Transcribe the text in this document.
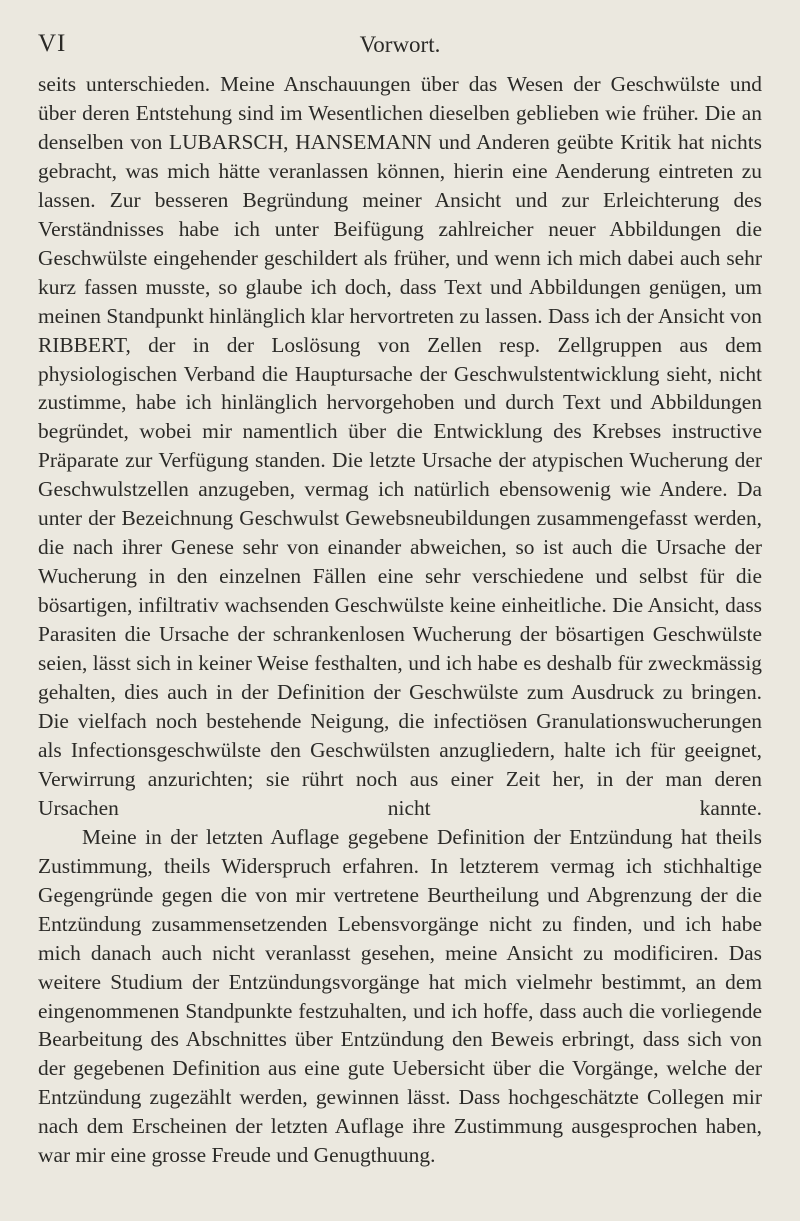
VI	Vorwort.

seits unterschieden. Meine Anschauungen über das Wesen der Geschwülste und über deren Entstehung sind im Wesentlichen dieselben geblieben wie früher. Die an denselben von LUBARSCH, HANSEMANN und Anderen geübte Kritik hat nichts gebracht, was mich hätte veranlassen können, hierin eine Aenderung eintreten zu lassen. Zur besseren Begründung meiner Ansicht und zur Erleichterung des Verständnisses habe ich unter Beifügung zahlreicher neuer Abbildungen die Geschwülste eingehender geschildert als früher, und wenn ich mich dabei auch sehr kurz fassen musste, so glaube ich doch, dass Text und Abbildungen genügen, um meinen Standpunkt hinlänglich klar hervortreten zu lassen. Dass ich der Ansicht von RIBBERT, der in der Loslösung von Zellen resp. Zellgruppen aus dem physiologischen Verband die Hauptursache der Geschwulstentwicklung sieht, nicht zustimme, habe ich hinlänglich hervorgehoben und durch Text und Abbildungen begründet, wobei mir namentlich über die Entwicklung des Krebses instructive Präparate zur Verfügung standen. Die letzte Ursache der atypischen Wucherung der Geschwulstzellen anzugeben, vermag ich natürlich ebensowenig wie Andere. Da unter der Bezeichnung Geschwulst Gewebsneubildungen zusammengefasst werden, die nach ihrer Genese sehr von einander abweichen, so ist auch die Ursache der Wucherung in den einzelnen Fällen eine sehr verschiedene und selbst für die bösartigen, infiltrativ wachsenden Geschwülste keine einheitliche. Die Ansicht, dass Parasiten die Ursache der schrankenlosen Wucherung der bösartigen Geschwülste seien, lässt sich in keiner Weise festhalten, und ich habe es deshalb für zweckmässig gehalten, dies auch in der Definition der Geschwülste zum Ausdruck zu bringen. Die vielfach noch bestehende Neigung, die infectiösen Granulationswucherungen als Infectionsgeschwülste den Geschwülsten anzugliedern, halte ich für geeignet, Verwirrung anzurichten; sie rührt noch aus einer Zeit her, in der man deren Ursachen nicht kannte.

Meine in der letzten Auflage gegebene Definition der Entzündung hat theils Zustimmung, theils Widerspruch erfahren. In letzterem vermag ich stichhaltige Gegengründe gegen die von mir vertretene Beurtheilung und Abgrenzung der die Entzündung zusammensetzenden Lebensvorgänge nicht zu finden, und ich habe mich danach auch nicht veranlasst gesehen, meine Ansicht zu modificiren. Das weitere Studium der Entzündungsvorgänge hat mich vielmehr bestimmt, an dem eingenommenen Standpunkte festzuhalten, und ich hoffe, dass auch die vorliegende Bearbeitung des Abschnittes über Entzündung den Beweis erbringt, dass sich von der gegebenen Definition aus eine gute Uebersicht über die Vorgänge, welche der Entzündung zugezählt werden, gewinnen lässt. Dass hochgeschätzte Collegen mir nach dem Erscheinen der letzten Auflage ihre Zustimmung ausgesprochen haben, war mir eine grosse Freude und Genugthuung.
